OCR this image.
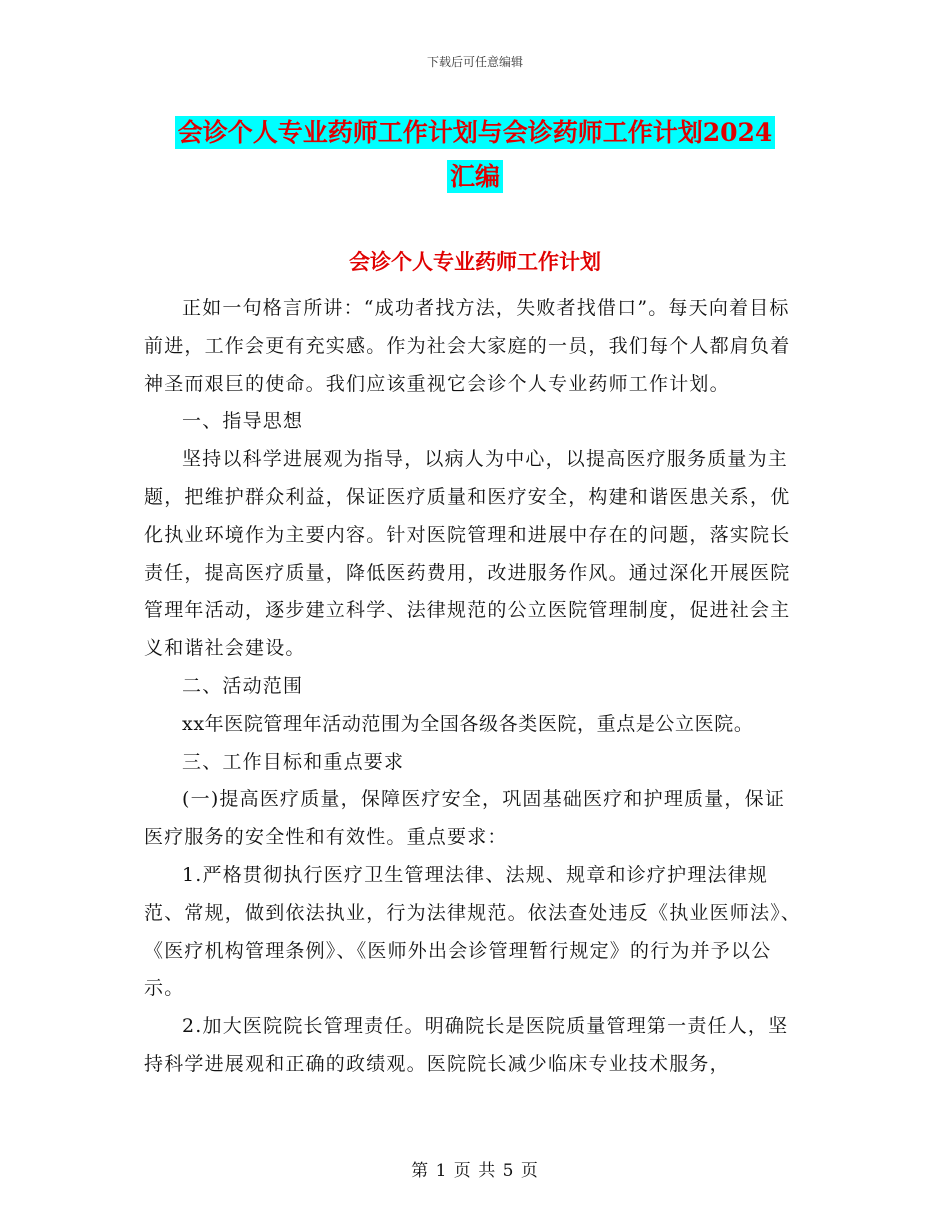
下载后可任意编辑
会诊个人专业药师工作计划与会诊药师工作计划2024
汇编
会诊个人专业药师工作计划

正如一句格言所讲：“成功者找方法，失败者找借口”。每天向着目标前进，工作会更有充实感。作为社会大家庭的一员，我们每个人都肩负着神圣而艰巨的使命。我们应该重视它会诊个人专业药师工作计划。

一、指导思想

坚持以科学进展观为指导，以病人为中心，以提高医疗服务质量为主题，把维护群众利益，保证医疗质量和医疗安全，构建和谐医患关系，优化执业环境作为主要内容。针对医院管理和进展中存在的问题，落实院长责任，提高医疗质量，降低医药费用，改进服务作风。通过深化开展医院管理年活动，逐步建立科学、法律规范的公立医院管理制度，促进社会主义和谐社会建设。

二、活动范围

xx年医院管理年活动范围为全国各级各类医院，重点是公立医院。

三、工作目标和重点要求

(一)提高医疗质量，保障医疗安全，巩固基础医疗和护理质量，保证医疗服务的安全性和有效性。重点要求：

1.严格贯彻执行医疗卫生管理法律、法规、规章和诊疗护理法律规范、常规，做到依法执业，行为法律规范。依法查处违反《执业医师法》、《医疗机构管理条例》、《医师外出会诊管理暂行规定》的行为并予以公示。

2.加大医院院长管理责任。明确院长是医院质量管理第一责任人，坚持科学进展观和正确的政绩观。医院院长减少临床专业技术服务，

第 1 页 共 5 页
